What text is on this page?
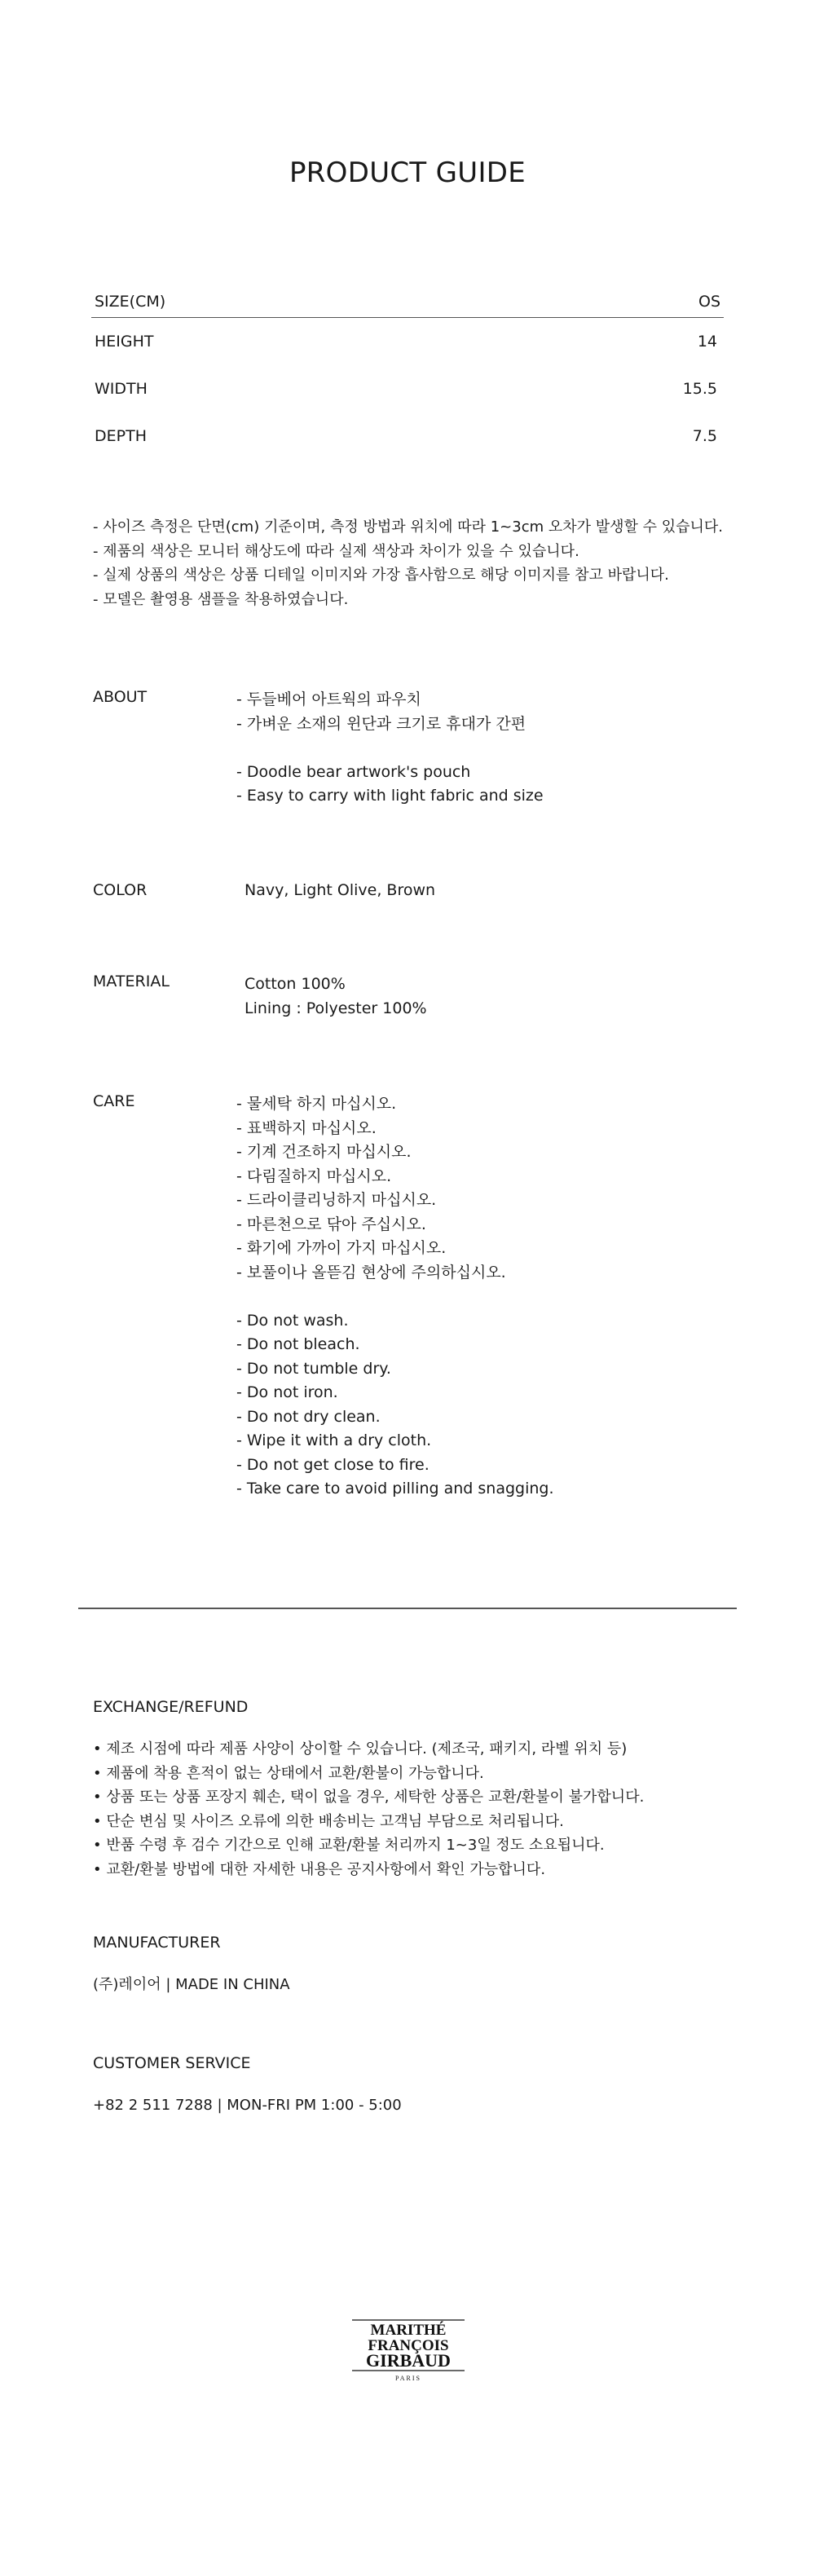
PRODUCT GUIDE
SIZE(CM)	OS
HEIGHT	14
WIDTH	15.5
DEPTH	7.5
- 사이즈 측정은 단면(cm) 기준이며, 측정 방법과 위치에 따라 1~3cm 오차가 발생할 수 있습니다.
- 제품의 색상은 모니터 해상도에 따라 실제 색상과 차이가 있을 수 있습니다.
- 실제 상품의 색상은 상품 디테일 이미지와 가장 흡사함으로 해당 이미지를 참고 바랍니다.
- 모델은 촬영용 샘플을 착용하였습니다.
ABOUT	- 두들베어 아트웍의 파우치
- 가벼운 소재의 윈단과 크기로 휴대가 간편
- Doodle bear artwork's pouch
- Easy to carry with light fabric and size
COLOR	Navy, Light Olive, Brown
MATERIAL	Cotton 100%
Lining : Polyester 100%
CARE	- 물세탁 하지 마십시오.
- 표백하지 마십시오.
- 기계 건조하지 마십시오.
- 다림질하지 마십시오.
- 드라이클리닝하지 마십시오.
- 마른천으로 닦아 주십시오.
- 화기에 가까이 가지 마십시오.
- 보풀이나 올뜯김 현상에 주의하십시오.
- Do not wash.
- Do not bleach.
- Do not tumble dry.
- Do not iron.
- Do not dry clean.
- Wipe it with a dry cloth.
- Do not get close to fire.
- Take care to avoid pilling and snagging.
EXCHANGE/REFUND
• 제조 시점에 따라 제품 사양이 상이할 수 있습니다. (제조국, 패키지, 라벨 위치 등)
• 제품에 착용 흔적이 없는 상태에서 교환/환불이 가능합니다.
• 상품 또는 상품 포장지 훼손, 택이 없을 경우, 세탁한 상품은 교환/환불이 불가합니다.
• 단순 변심 및 사이즈 오류에 의한 배송비는 고객님 부담으로 처리됩니다.
• 반품 수령 후 검수 기간으로 인해 교환/환불 처리까지 1~3일 정도 소요됩니다.
• 교환/환불 방법에 대한 자세한 내용은 공지사항에서 확인 가능합니다.
MANUFACTURER
(주)레이어 | MADE IN CHINA
CUSTOMER SERVICE
+82 2 511 7288 | MON-FRI PM 1:00 - 5:00
MARITHÉ
FRANÇOIS
GIRBAUD
PARIS
